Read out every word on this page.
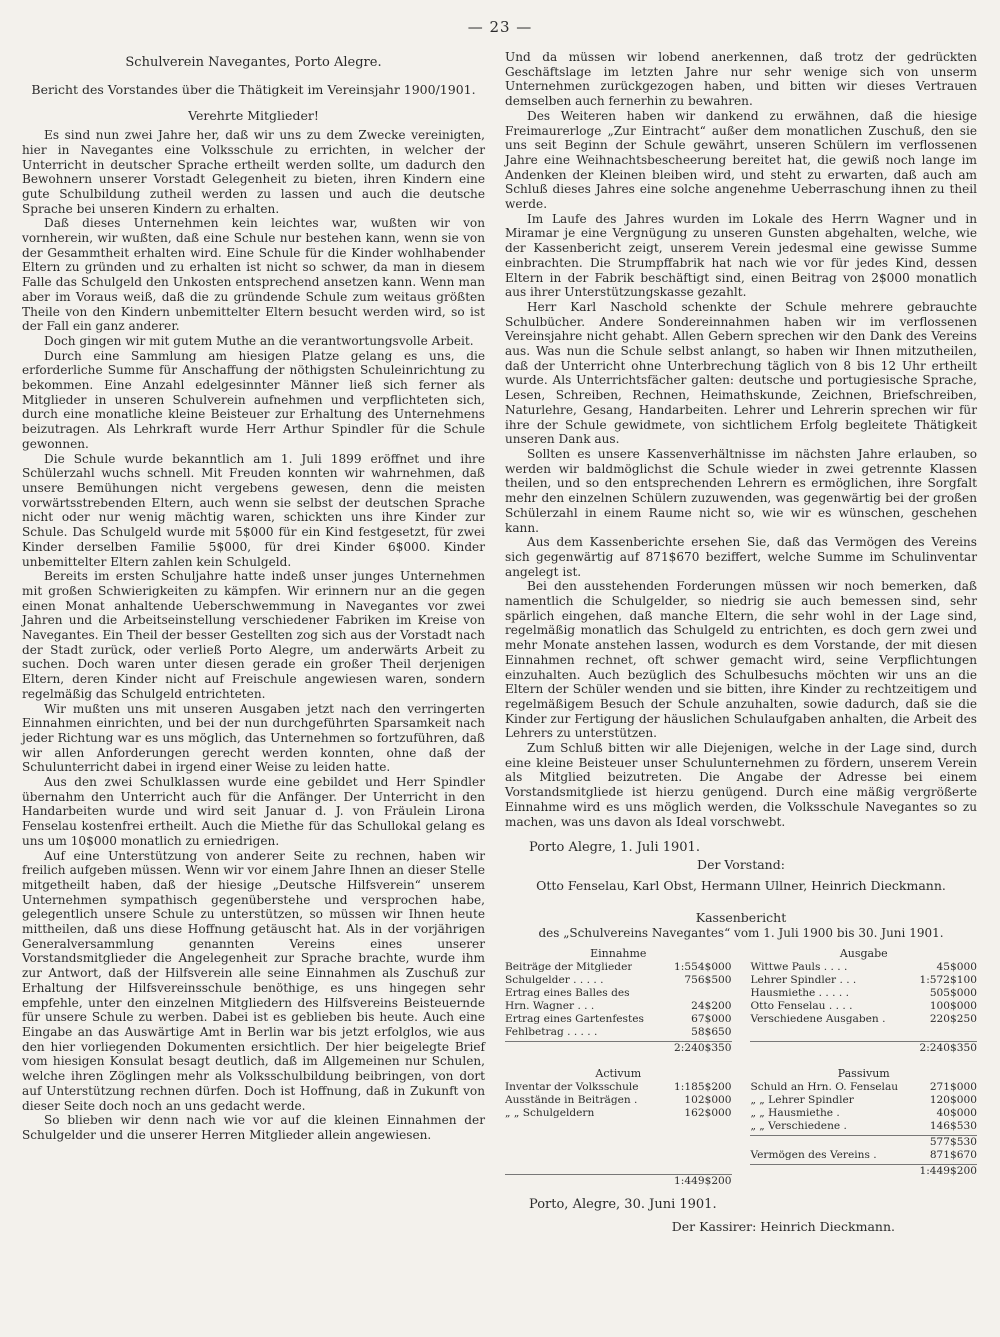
— 23 —
Schulverein Navegantes, Porto Alegre.
Bericht des Vorstandes über die Thätigkeit im Vereinsjahr 1900/1901.
Verehrte Mitglieder!

Es sind nun zwei Jahre her, daß wir uns zu dem Zwecke vereinigten, hier in Navegantes eine Volksschule zu errichten, in welcher der Unterricht in deutscher Sprache ertheilt werden sollte, um dadurch den Bewohnern unserer Vorstadt Gelegenheit zu bieten, ihren Kindern eine gute Schulbildung zutheil werden zu lassen und auch die deutsche Sprache bei unseren Kindern zu erhalten.

Daß dieses Unternehmen kein leichtes war, wußten wir von vornherein, wir wußten, daß eine Schule nur bestehen kann, wenn sie von der Gesammtheit erhalten wird. Eine Schule für die Kinder wohlhabender Eltern zu gründen und zu erhalten ist nicht so schwer, da man in diesem Falle das Schulgeld den Unkosten entsprechend ansetzen kann. Wenn man aber im Voraus weiß, daß die zu gründende Schule zum weitaus größten Theile von den Kindern unbemittelter Eltern besucht werden wird, so ist der Fall ein ganz anderer.

Doch gingen wir mit gutem Muthe an die verantwortungsvolle Arbeit.

Durch eine Sammlung am hiesigen Platze gelang es uns, die erforderliche Summe für Anschaffung der nöthigsten Schuleinrichtung zu bekommen. Eine Anzahl edelgesinnter Männer ließ sich ferner als Mitglieder in unseren Schulverein aufnehmen und verpflichteten sich, durch eine monatliche kleine Beisteuer zur Erhaltung des Unternehmens beizutragen. Als Lehrkraft wurde Herr Arthur Spindler für die Schule gewonnen.

Die Schule wurde bekanntlich am 1. Juli 1899 eröffnet und ihre Schülerzahl wuchs schnell. Mit Freuden konnten wir wahrnehmen, daß unsere Bemühungen nicht vergebens gewesen, denn die meisten vorwärtsstrebenden Eltern, auch wenn sie selbst der deutschen Sprache nicht oder nur wenig mächtig waren, schickten uns ihre Kinder zur Schule. Das Schulgeld wurde mit 5$000 für ein Kind festgesetzt, für zwei Kinder derselben Familie 5$000, für drei Kinder 6$000. Kinder unbemittelter Eltern zahlen kein Schulgeld.

Bereits im ersten Schuljahre hatte indeß unser junges Unternehmen mit großen Schwierigkeiten zu kämpfen. Wir erinnern nur an die gegen einen Monat anhaltende Ueberschwemmung in Navegantes vor zwei Jahren und die Arbeitseinstellung verschiedener Fabriken im Kreise von Navegantes. Ein Theil der besser Gestellten zog sich aus der Vorstadt nach der Stadt zurück, oder verließ Porto Alegre, um anderwärts Arbeit zu suchen. Doch waren unter diesen gerade ein großer Theil derjenigen Eltern, deren Kinder nicht auf Freischule angewiesen waren, sondern regelmäßig das Schulgeld entrichteten.

Wir mußten uns mit unseren Ausgaben jetzt nach den verringerten Einnahmen einrichten, und bei der nun durchgeführten Sparsamkeit nach jeder Richtung war es uns möglich, das Unternehmen so fortzuführen, daß wir allen Anforderungen gerecht werden konnten, ohne daß der Schulunterricht dabei in irgend einer Weise zu leiden hatte.

Aus den zwei Schulklassen wurde eine gebildet und Herr Spindler übernahm den Unterricht auch für die Anfänger. Der Unterricht in den Handarbeiten wurde und wird seit Januar d. J. von Fräulein Lirona Fenselau kostenfrei ertheilt. Auch die Miethe für das Schullokal gelang es uns um 10$000 monatlich zu erniedrigen.

Auf eine Unterstützung von anderer Seite zu rechnen, haben wir freilich aufgeben müssen. Wenn wir vor einem Jahre Ihnen an dieser Stelle mitgetheilt haben, daß der hiesige „Deutsche Hilfsverein“ unserem Unternehmen sympathisch gegenüberstehe und versprochen habe, gelegentlich unsere Schule zu unterstützen, so müssen wir Ihnen heute mittheilen, daß uns diese Hoffnung getäuscht hat. Als in der vorjährigen Generalversammlung genannten Vereins eines unserer Vorstandsmitglieder die Angelegenheit zur Sprache brachte, wurde ihm zur Antwort, daß der Hilfsverein alle seine Einnahmen als Zuschuß zur Erhaltung der Hilfsvereinsschule benöthige, es uns hingegen sehr empfehle, unter den einzelnen Mitgliedern des Hilfsvereins Beisteuernde für unsere Schule zu werben. Dabei ist es geblieben bis heute. Auch eine Eingabe an das Auswärtige Amt in Berlin war bis jetzt erfolglos, wie aus den hier vorliegenden Dokumenten ersichtlich. Der hier beigelegte Brief vom hiesigen Konsulat besagt deutlich, daß im Allgemeinen nur Schulen, welche ihren Zöglingen mehr als Volksschulbildung beibringen, von dort auf Unterstützung rechnen dürfen. Doch ist Hoffnung, daß in Zukunft von dieser Seite doch noch an uns gedacht werde.

So blieben wir denn nach wie vor auf die kleinen Einnahmen der Schulgelder und die unserer Herren Mitglieder allein angewiesen.

Und da müssen wir lobend anerkennen, daß trotz der gedrückten Geschäftslage im letzten Jahre nur sehr wenige sich von unserm Unternehmen zurückgezogen haben, und bitten wir dieses Vertrauen demselben auch fernerhin zu bewahren.

Des Weiteren haben wir dankend zu erwähnen, daß die hiesige Freimaurerloge „Zur Eintracht“ außer dem monatlichen Zuschuß, den sie uns seit Beginn der Schule gewährt, unseren Schülern im verflossenen Jahre eine Weihnachtsbescheerung bereitet hat, die gewiß noch lange im Andenken der Kleinen bleiben wird, und steht zu erwarten, daß auch am Schluß dieses Jahres eine solche angenehme Ueberraschung ihnen zu theil werde.

Im Laufe des Jahres wurden im Lokale des Herrn Wagner und in Miramar je eine Vergnügung zu unseren Gunsten abgehalten, welche, wie der Kassenbericht zeigt, unserem Verein jedesmal eine gewisse Summe einbrachten. Die Strumpffabrik hat nach wie vor für jedes Kind, dessen Eltern in der Fabrik beschäftigt sind, einen Beitrag von 2$000 monatlich aus ihrer Unterstützungskasse gezahlt.

Herr Karl Naschold schenkte der Schule mehrere gebrauchte Schulbücher. Andere Sondereinnahmen haben wir im verflossenen Vereinsjahre nicht gehabt. Allen Gebern sprechen wir den Dank des Vereins aus. Was nun die Schule selbst anlangt, so haben wir Ihnen mitzutheilen, daß der Unterricht ohne Unterbrechung täglich von 8 bis 12 Uhr ertheilt wurde. Als Unterrichtsfächer galten: deutsche und portugiesische Sprache, Lesen, Schreiben, Rechnen, Heimathskunde, Zeichnen, Briefschreiben, Naturlehre, Gesang, Handarbeiten. Lehrer und Lehrerin sprechen wir für ihre der Schule gewidmete, von sichtlichem Erfolg begleitete Thätigkeit unseren Dank aus.

Sollten es unsere Kassenverhältnisse im nächsten Jahre erlauben, so werden wir baldmöglichst die Schule wieder in zwei getrennte Klassen theilen, und so den entsprechenden Lehrern es ermöglichen, ihre Sorgfalt mehr den einzelnen Schülern zuzuwenden, was gegenwärtig bei der großen Schülerzahl in einem Raume nicht so, wie wir es wünschen, geschehen kann.

Aus dem Kassenberichte ersehen Sie, daß das Vermögen des Vereins sich gegenwärtig auf 871$670 beziffert, welche Summe im Schulinventar angelegt ist.

Bei den ausstehenden Forderungen müssen wir noch bemerken, daß namentlich die Schulgelder, so niedrig sie auch bemessen sind, sehr spärlich eingehen, daß manche Eltern, die sehr wohl in der Lage sind, regelmäßig monatlich das Schulgeld zu entrichten, es doch gern zwei und mehr Monate anstehen lassen, wodurch es dem Vorstande, der mit diesen Einnahmen rechnet, oft schwer gemacht wird, seine Verpflichtungen einzuhalten. Auch bezüglich des Schulbesuchs möchten wir uns an die Eltern der Schüler wenden und sie bitten, ihre Kinder zu rechtzeitigem und regelmäßigem Besuch der Schule anzuhalten, sowie dadurch, daß sie die Kinder zur Fertigung der häuslichen Schulaufgaben anhalten, die Arbeit des Lehrers zu unterstützen.

Zum Schluß bitten wir alle Diejenigen, welche in der Lage sind, durch eine kleine Beisteuer unser Schulunternehmen zu fördern, unserem Verein als Mitglied beizutreten. Die Angabe der Adresse bei einem Vorstandsmitgliede ist hierzu genügend. Durch eine mäßig vergrößerte Einnahme wird es uns möglich werden, die Volksschule Navegantes so zu machen, was uns davon als Ideal vorschwebt.

Porto Alegre, 1. Juli 1901.
Der Vorstand:
Otto Fenselau, Karl Obst, Hermann Ullner, Heinrich Dieckmann.
Kassenbericht
des „Schulvereins Navegantes“ vom 1. Juli 1900 bis 30. Juni 1901.
Einnahme
Beiträge der Mitglieder	1:554$000
Schulgelder . . . . .	756$500
Ertrag eines Balles des
Hrn. Wagner . . .	24$200
Ertrag eines Gartenfestes	67$000
Fehlbetrag . . . . .	58$650
2:240$350
Ausgabe
Wittwe Pauls . . . .	45$000
Lehrer Spindler . . .	1:572$100
Hausmiethe . . . . .	505$000
Otto Fenselau . . . .	100$000
Verschiedene Ausgaben .	220$250
2:240$350
Activum
Inventar der Volksschule	1:185$200
Ausstände in Beiträgen .	102$000
„ „ Schulgeldern	162$000
1:449$200
Passivum
Schuld an Hrn. O. Fenselau	271$000
„ „ Lehrer Spindler	120$000
„ „ Hausmiethe .	40$000
„ „ Verschiedene .	146$530
577$530
Vermögen des Vereins .	871$670
1:449$200
Porto, Alegre, 30. Juni 1901.
Der Kassirer: Heinrich Dieckmann.
